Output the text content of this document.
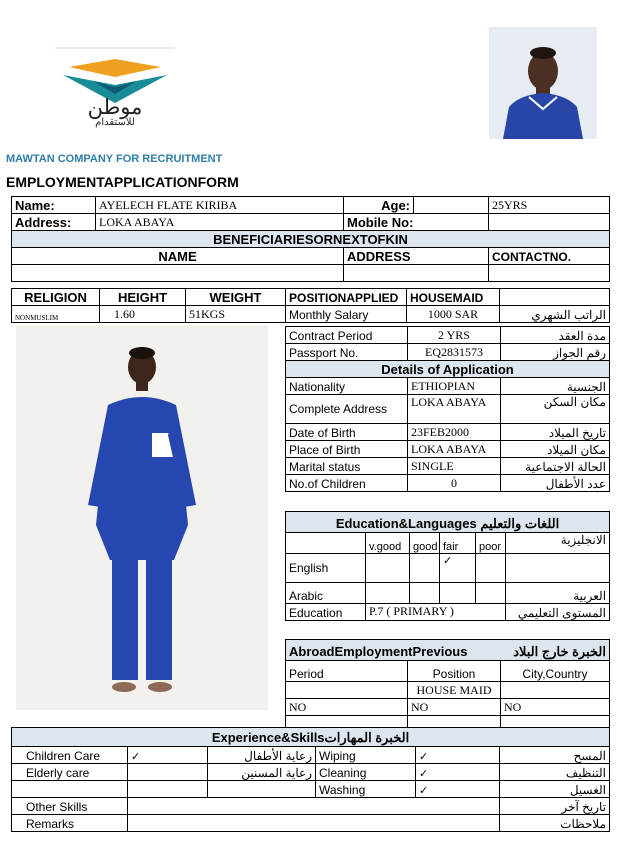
موطن
للاستقدام
MAWTAN COMPANY FOR RECRUITMENT
EMPLOYMENTAPPLICATIONFORM
Name:	AYELECH FLATE KIRIBA	Age:		25YRS
Address:	LOKA ABAYA	Mobile No:		
BENEFICIARIESORNEXTOFKIN				
NAME		ADDRESS		CONTACTNO.

RELIGION	HEIGHT	WEIGHT	POSITIONAPPLIED	HOUSEMAID	
NONMUSLIM	1.60	51KGS	Monthly Salary	1000 SAR	الراتب الشهري
Contract Period	2 YRS	مدة العقد
Passport No.	EQ2831573	رقم الجواز
Details of Application		
Nationality	ETHIOPIAN	الجنسية
Complete Address	LOKA ABAYA	مكان السكن
Date of Birth	23FEB2000	تاريخ الميلاد
Place of Birth	LOKA ABAYA	مكان الميلاد
Marital status	SINGLE	الحالة الاجتماعية
No.of Children	0	عدد الأطفال
Education&Languages اللغات والتعليم					
	v.good	good	fair	poor	الانجليزية
English			✓		
Arabic					العربية
Education	P.7 ( PRIMARY )				المستوى التعليمي
AbroadEmploymentPrevious الخبرة خارج البلاد		

Period	Position	City,Country
	HOUSE MAID	
NO	NO	NO

Experience&Skillsالخبرة المهارات					
Children Care	✓	رعاية الأطفال	Wiping	✓	المسح
Elderly care		رعاية المسنين	Cleaning	✓	التنظيف
			Washing	✓	الغسيل
Other Skills					تاريخ آخر
Remarks					ملاحظات
